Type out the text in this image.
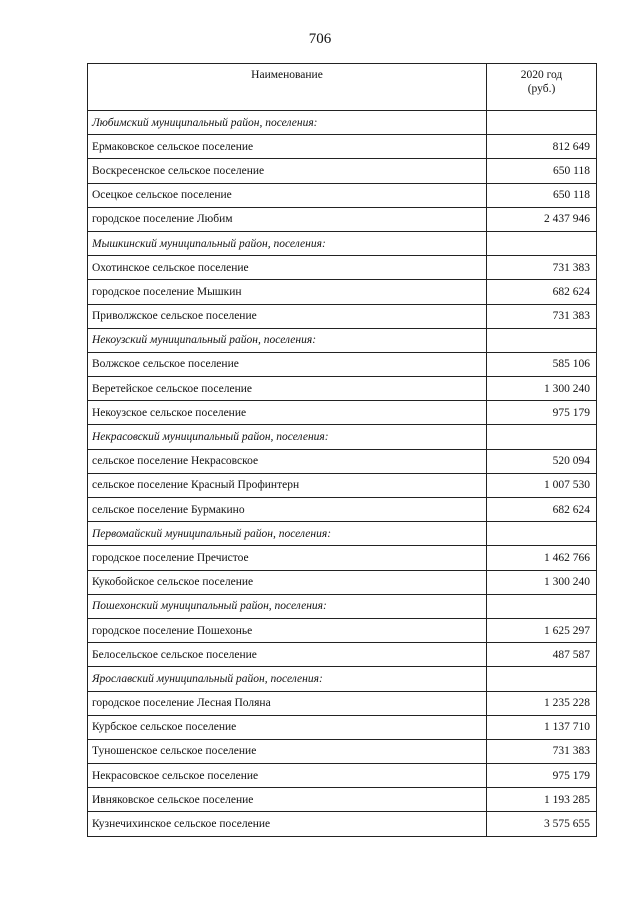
706
Наименование	2020 год
(руб.)
Любимский муниципальный район, поселения:	
Ермаковское сельское поселение	812 649
Воскресенское сельское поселение	650 118
Осецкое сельское поселение	650 118
городское поселение Любим	2 437 946
Мышкинский муниципальный район, поселения:	
Охотинское сельское поселение	731 383
городское поселение Мышкин	682 624
Приволжское сельское поселение	731 383
Некоузский муниципальный район, поселения:	
Волжское сельское поселение	585 106
Веретейское сельское поселение	1 300 240
Некоузское сельское поселение	975 179
Некрасовский муниципальный район, поселения:	
сельское поселение Некрасовское	520 094
сельское поселение Красный Профинтерн	1 007 530
сельское поселение Бурмакино	682 624
Первомайский муниципальный район, поселения:	
городское поселение Пречистое	1 462 766
Кукобойское сельское поселение	1 300 240
Пошехонский муниципальный район, поселения:	
городское поселение Пошехонье	1 625 297
Белосельское сельское поселение	487 587
Ярославский муниципальный район, поселения:	
городское поселение Лесная Поляна	1 235 228
Курбское сельское поселение	1 137 710
Туношенское сельское поселение	731 383
Некрасовское сельское поселение	975 179
Ивняковское сельское поселение	1 193 285
Кузнечихинское сельское поселение	3 575 655
